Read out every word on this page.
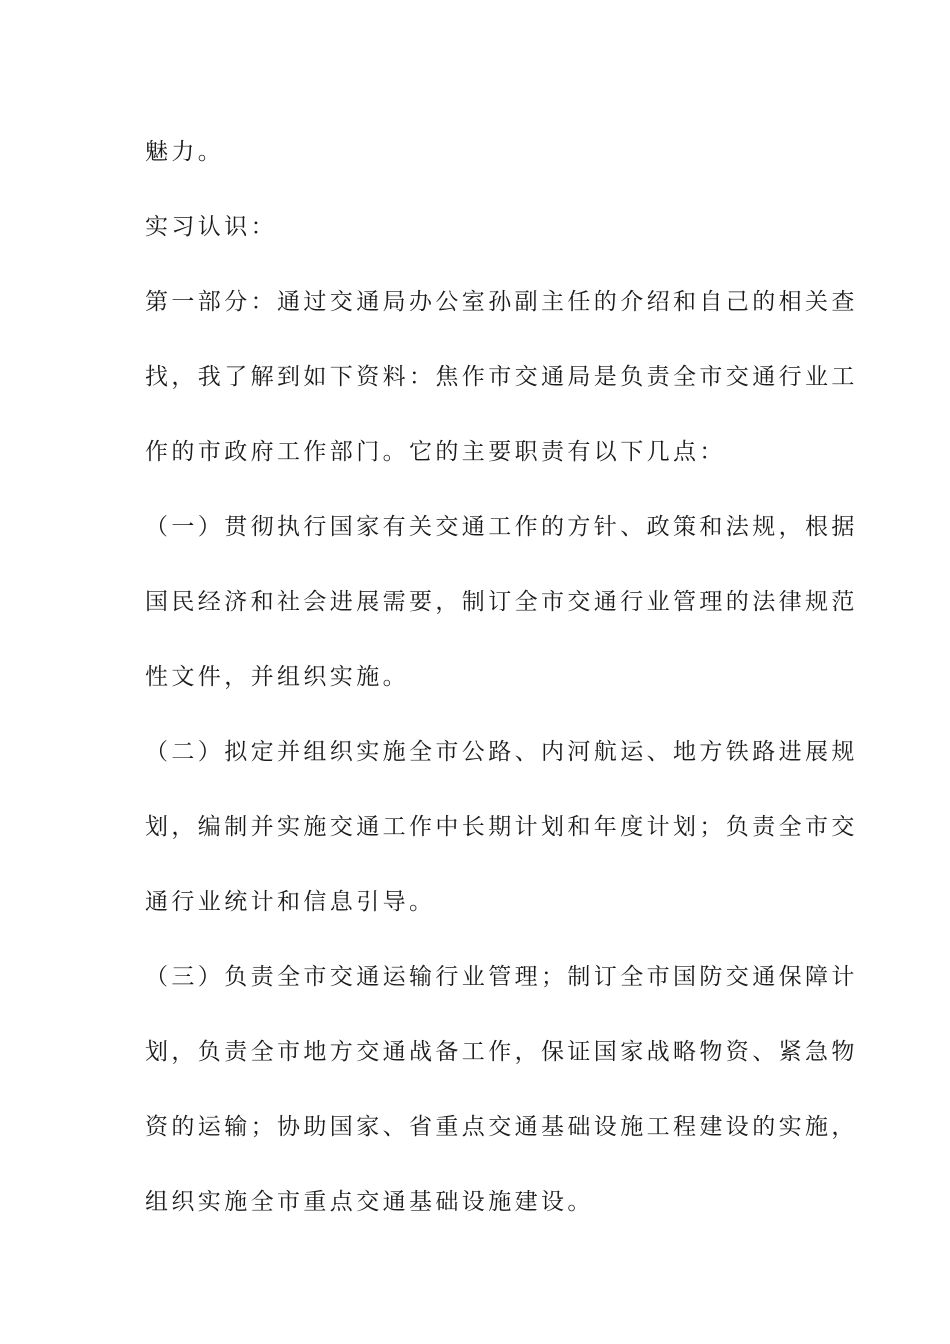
魅力。
实习认识：
第一部分：通过交通局办公室孙副主任的介绍和自己的相关查
找，我了解到如下资料：焦作市交通局是负责全市交通行业工
作的市政府工作部门。它的主要职责有以下几点：
（一）贯彻执行国家有关交通工作的方针、政策和法规，根据
国民经济和社会进展需要，制订全市交通行业管理的法律规范
性文件，并组织实施。
（二）拟定并组织实施全市公路、内河航运、地方铁路进展规
划，编制并实施交通工作中长期计划和年度计划；负责全市交
通行业统计和信息引导。
（三）负责全市交通运输行业管理；制订全市国防交通保障计
划，负责全市地方交通战备工作，保证国家战略物资、紧急物
资的运输；协助国家、省重点交通基础设施工程建设的实施，
组织实施全市重点交通基础设施建设。
